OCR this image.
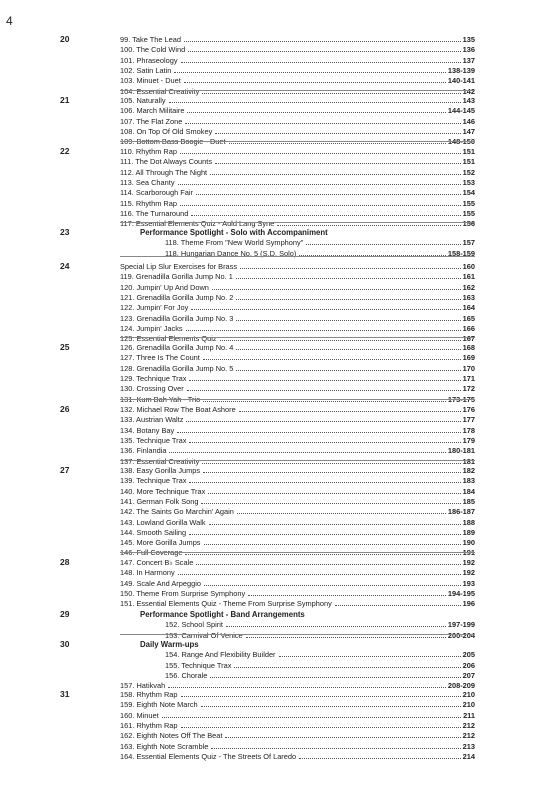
4
20	99. Take The Lead	135
100. The Cold Wind	136
101. Phraseology	137
102. Satin Latin	138-139
103. Minuet - Duet	140-141
104. Essential Creativity	142
21	105. Naturally	143
106. March Militaire	144-145
107. The Flat Zone	146
108. On Top Of Old Smokey	147
109. Bottom Bass Boogie - Duet	148-150
22	110. Rhythm Rap	151
111. The Dot Always Counts	151
112. All Through The Night	152
113. Sea Chanty	153
114. Scarborough Fair	154
115. Rhythm Rap	155
116. The Turnaround	155
117. Essential Elements Quiz - Auld Lang Syne	156
23	Performance Spotlight - Solo with Accompaniment
118. Theme From "New World Symphony"	157
118. Hungarian Dance No. 5 (S.D. Solo)	158-159
24	Special Lip Slur Exercises for Brass	160
119. Grenadilla Gorilla Jump No. 1	161
120. Jumpin' Up And Down	162
121. Grenadilla Gorilla Jump No. 2	163
122. Jumpin' For Joy	164
123. Grenadilla Gorilla Jump No. 3	165
124. Jumpin' Jacks	166
125. Essential Elements Quiz	167
25	126. Grenadilla Gorilla Jump No. 4	168
127. Three Is The Count	169
128. Grenadilla Gorilla Jump No. 5	170
129. Technique Trax	171
130. Crossing Over	172
131. Kum Bah Yah - Trio	173-175
26	132. Michael Row The Boat Ashore	176
133. Austrian Waltz	177
134. Botany Bay	178
135. Technique Trax	179
136. Finlandia	180-181
137. Essential Creativity	181
27	138. Easy Gorilla Jumps	182
139. Technique Trax	183
140. More Technique Trax	184
141. German Folk Song	185
142. The Saints Go Marchin' Again	186-187
143. Lowland Gorilla Walk	188
144. Smooth Sailing	189
145. More Gorilla Jumps	190
146. Full Coverage	191
28	147. Concert B♭ Scale	192
148. In Harmony	192
149. Scale And Arpeggio	193
150. Theme From Surprise Symphony	194-195
151. Essential Elements Quiz - Theme From Surprise Symphony	196
29	Performance Spotlight - Band Arrangements
152. School Spirit	197-199
153. Carnival Of Venice	200-204
30	Daily Warm-ups
154. Range And Flexibility Builder	205
155. Technique Trax	206
156. Chorale	207
157. Hatikvah	208-209
31	158. Rhythm Rap	210
159. Eighth Note March	210
160. Minuet	211
161. Rhythm Rap	212
162. Eighth Notes Off The Beat	212
163. Eighth Note Scramble	213
164. Essential Elements Quiz - The Streets Of Laredo	214
